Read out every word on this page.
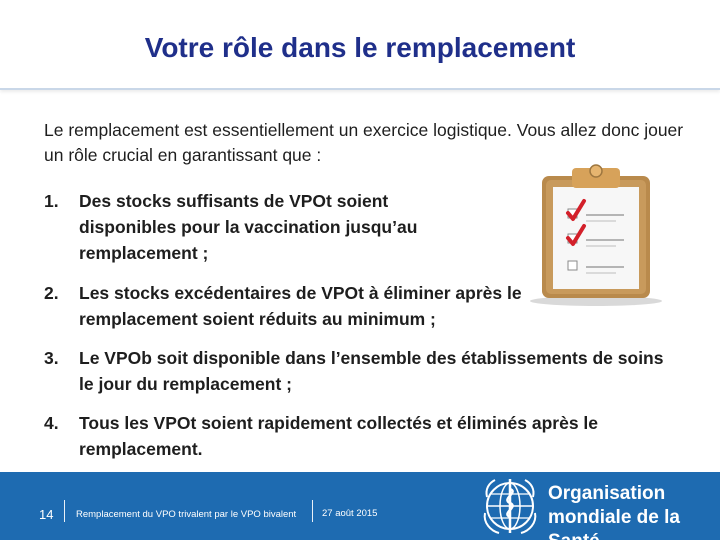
Votre rôle dans le remplacement
Le remplacement est essentiellement un exercice logistique. Vous allez donc jouer un rôle crucial en garantissant que :
1. Des stocks suffisants de VPOt soient disponibles pour la vaccination jusqu’au remplacement ;
2. Les stocks excédentaires de VPOt à éliminer après le remplacement soient réduits au minimum ;
3. Le VPOb soit disponible dans l’ensemble des établissements de soins le jour du remplacement ;
4. Tous les VPOt soient rapidement collectés et éliminés après le remplacement.
14 Remplacement du VPO trivalent par le VPO bivalent	27 août 2015
Organisation
mondiale de la Santé
